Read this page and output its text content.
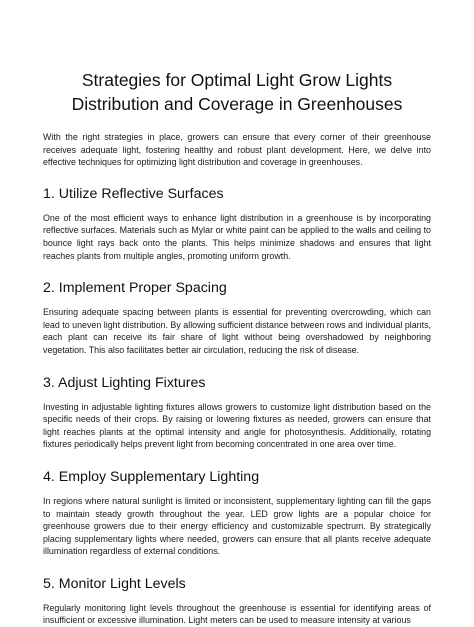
Strategies for Optimal Light Grow Lights Distribution and Coverage in Greenhouses

With the right strategies in place, growers can ensure that every corner of their greenhouse receives adequate light, fostering healthy and robust plant development. Here, we delve into effective techniques for optimizing light distribution and coverage in greenhouses.

1. Utilize Reflective Surfaces

One of the most efficient ways to enhance light distribution in a greenhouse is by incorporating reflective surfaces. Materials such as Mylar or white paint can be applied to the walls and ceiling to bounce light rays back onto the plants. This helps minimize shadows and ensures that light reaches plants from multiple angles, promoting uniform growth.

2. Implement Proper Spacing

Ensuring adequate spacing between plants is essential for preventing overcrowding, which can lead to uneven light distribution. By allowing sufficient distance between rows and individual plants, each plant can receive its fair share of light without being overshadowed by neighboring vegetation. This also facilitates better air circulation, reducing the risk of disease.

3. Adjust Lighting Fixtures

Investing in adjustable lighting fixtures allows growers to customize light distribution based on the specific needs of their crops. By raising or lowering fixtures as needed, growers can ensure that light reaches plants at the optimal intensity and angle for photosynthesis. Additionally, rotating fixtures periodically helps prevent light from becoming concentrated in one area over time.

4. Employ Supplementary Lighting

In regions where natural sunlight is limited or inconsistent, supplementary lighting can fill the gaps to maintain steady growth throughout the year. LED grow lights are a popular choice for greenhouse growers due to their energy efficiency and customizable spectrum. By strategically placing supplementary lights where needed, growers can ensure that all plants receive adequate illumination regardless of external conditions.

5. Monitor Light Levels

Regularly monitoring light levels throughout the greenhouse is essential for identifying areas of insufficient or excessive illumination. Light meters can be used to measure intensity at various
